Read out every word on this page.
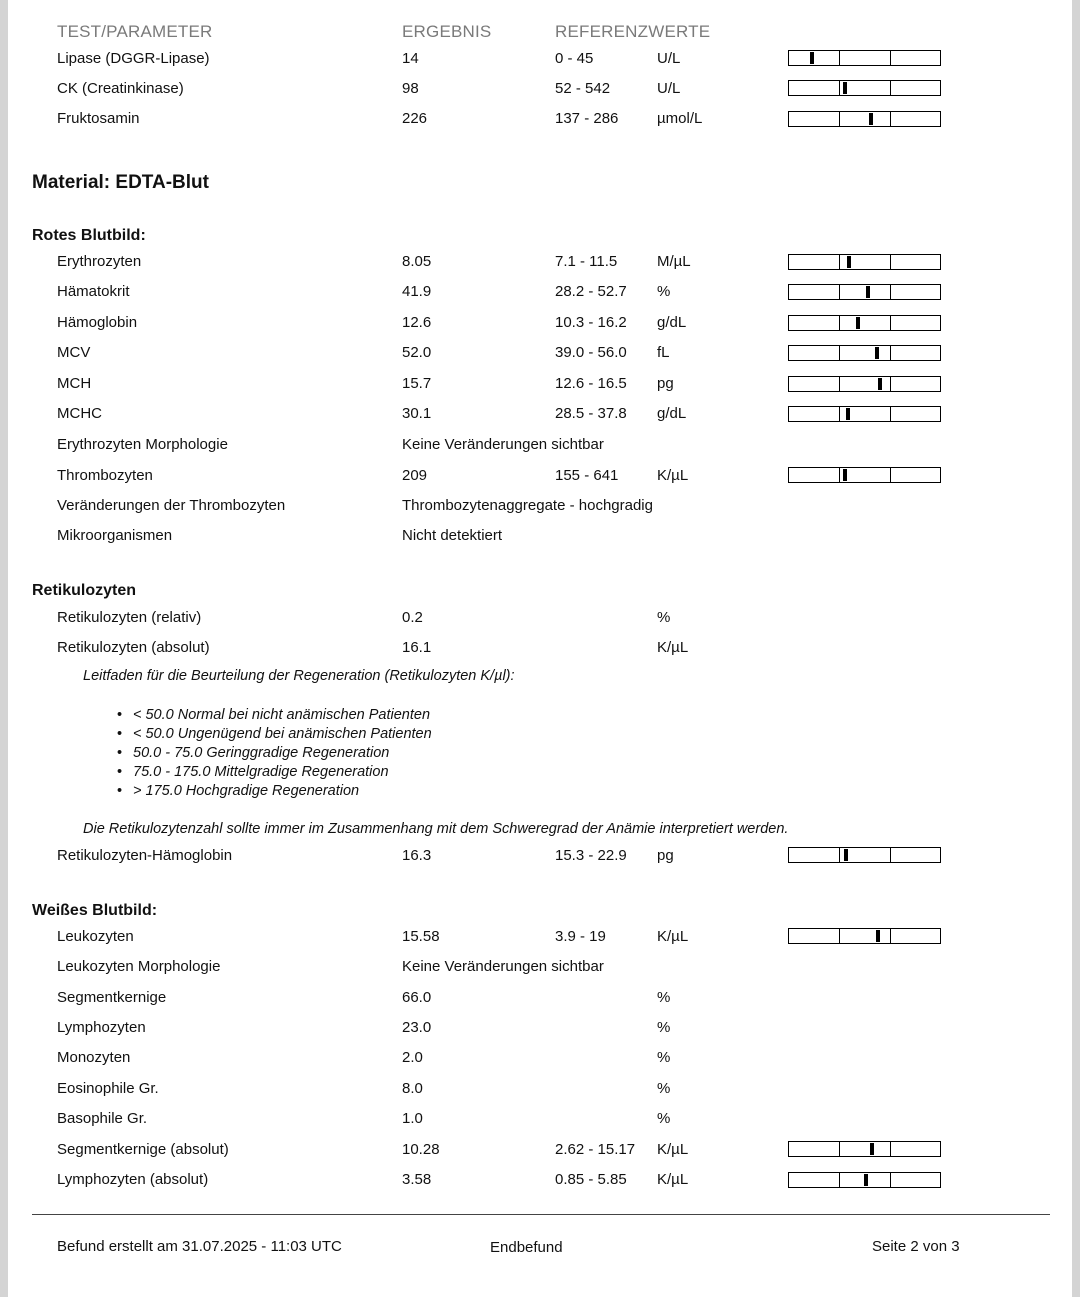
TEST/PARAMETER	ERGEBNIS	REFERENZWERTE
Lipase (DGGR-Lipase)	14	0 - 45	U/L
CK (Creatinkinase)	98	52 - 542	U/L
Fruktosamin	226	137 - 286	µmol/L
Material: EDTA-Blut
Rotes Blutbild:
Erythrozyten	8.05	7.1 - 11.5	M/µL
Hämatokrit	41.9	28.2 - 52.7 %
Hämoglobin	12.6	10.3 - 16.2 g/dL
MCV	52.0	39.0 - 56.0 fL
MCH	15.7	12.6 - 16.5 pg
MCHC	30.1	28.5 - 37.8 g/dL
Erythrozyten Morphologie	Keine Veränderungen sichtbar
Thrombozyten	209	155 - 641	K/µL
Veränderungen der Thrombozyten	Thrombozytenaggregate - hochgradig
Mikroorganismen	Nicht detektiert
Retikulozyten
Retikulozyten (relativ)	0.2	%
Retikulozyten (absolut)	16.1	K/µL
Leitfaden für die Beurteilung der Regeneration (Retikulozyten K/µl):
• < 50.0 Normal bei nicht anämischen Patienten
• < 50.0 Ungenügend bei anämischen Patienten
• 50.0 - 75.0 Geringgradige Regeneration
• 75.0 - 175.0 Mittelgradige Regeneration
• > 175.0 Hochgradige Regeneration
Die Retikulozytenzahl sollte immer im Zusammenhang mit dem Schweregrad der Anämie interpretiert werden.
Retikulozyten-Hämoglobin	16.3	15.3 - 22.9 pg
Weißes Blutbild:
Leukozyten	15.58	3.9 - 19	K/µL
Leukozyten Morphologie	Keine Veränderungen sichtbar
Segmentkernige	66.0	%
Lymphozyten	23.0	%
Monozyten	2.0	%
Eosinophile Gr.	8.0	%
Basophile Gr.	1.0	%
Segmentkernige (absolut)	10.28	2.62 - 15.17 K/µL
Lymphozyten (absolut)	3.58	0.85 - 5.85 K/µL
Befund erstellt am 31.07.2025 - 11:03 UTC	Endbefund	Seite 2 von 3
